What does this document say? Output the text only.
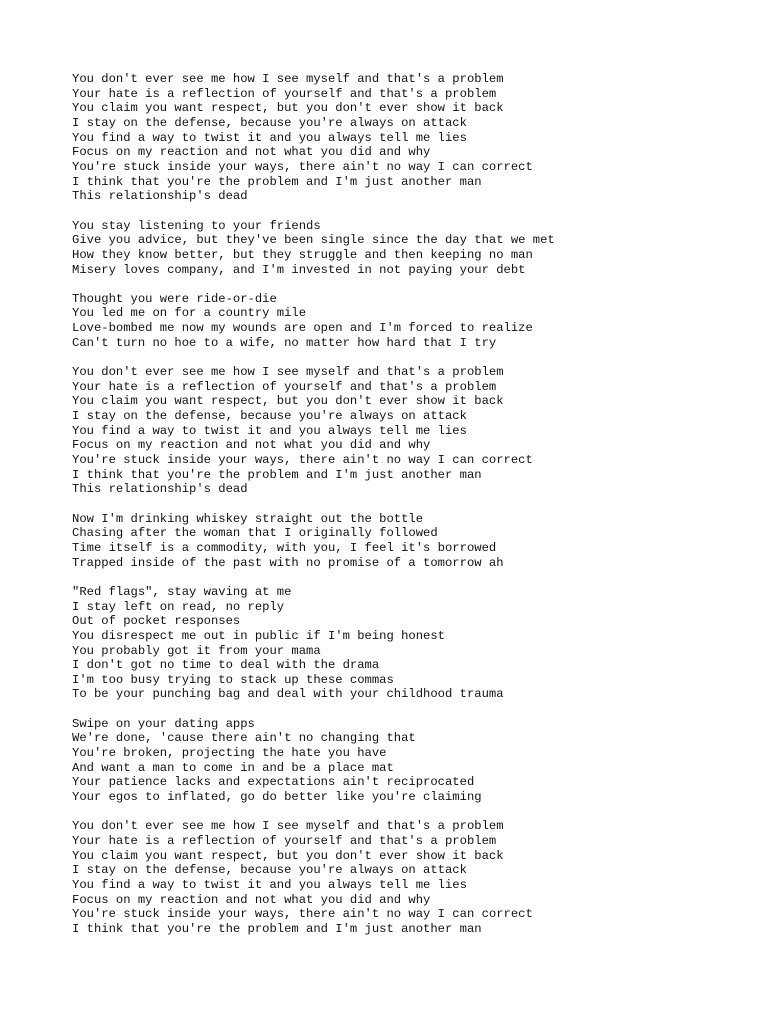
You don't ever see me how I see myself and that's a problem
Your hate is a reflection of yourself and that's a problem
You claim you want respect, but you don't ever show it back
I stay on the defense, because you're always on attack
You find a way to twist it and you always tell me lies
Focus on my reaction and not what you did and why
You're stuck inside your ways, there ain't no way I can correct
I think that you're the problem and I'm just another man
This relationship's dead
You stay listening to your friends
Give you advice, but they've been single since the day that we met
How they know better, but they struggle and then keeping no man
Misery loves company, and I'm invested in not paying your debt
Thought you were ride-or-die
You led me on for a country mile
Love-bombed me now my wounds are open and I'm forced to realize
Can't turn no hoe to a wife, no matter how hard that I try
You don't ever see me how I see myself and that's a problem
Your hate is a reflection of yourself and that's a problem
You claim you want respect, but you don't ever show it back
I stay on the defense, because you're always on attack
You find a way to twist it and you always tell me lies
Focus on my reaction and not what you did and why
You're stuck inside your ways, there ain't no way I can correct
I think that you're the problem and I'm just another man
This relationship's dead
Now I'm drinking whiskey straight out the bottle
Chasing after the woman that I originally followed
Time itself is a commodity, with you, I feel it's borrowed
Trapped inside of the past with no promise of a tomorrow ah
"Red flags", stay waving at me
I stay left on read, no reply
Out of pocket responses
You disrespect me out in public if I'm being honest
You probably got it from your mama
I don't got no time to deal with the drama
I'm too busy trying to stack up these commas
To be your punching bag and deal with your childhood trauma
Swipe on your dating apps
We're done, 'cause there ain't no changing that
You're broken, projecting the hate you have
And want a man to come in and be a place mat
Your patience lacks and expectations ain't reciprocated
Your egos to inflated, go do better like you're claiming
You don't ever see me how I see myself and that's a problem
Your hate is a reflection of yourself and that's a problem
You claim you want respect, but you don't ever show it back
I stay on the defense, because you're always on attack
You find a way to twist it and you always tell me lies
Focus on my reaction and not what you did and why
You're stuck inside your ways, there ain't no way I can correct
I think that you're the problem and I'm just another man
